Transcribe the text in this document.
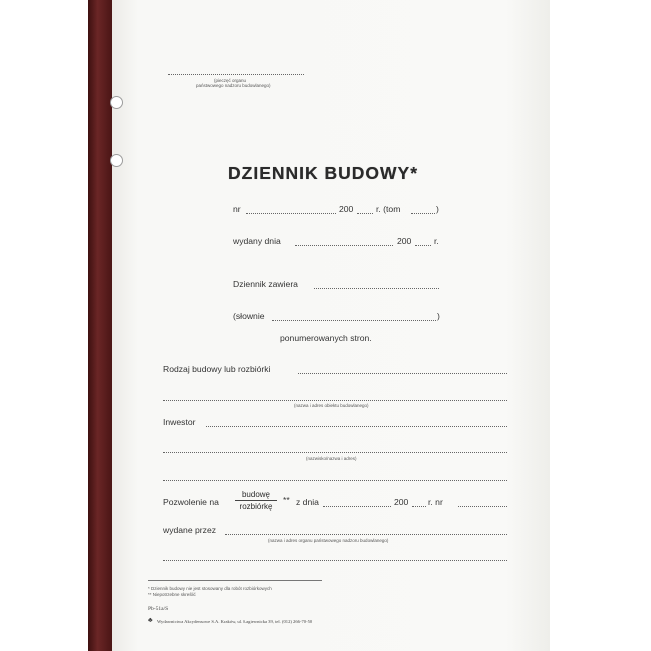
(pieczęć organu
państwowego nadzoru budowlanego)
DZIENNIK BUDOWY*
nr	200	r. (tom	)
wydany dnia	200	r.
Dziennik zawiera
(słownie	)
ponumerowanych stron.
Rodzaj budowy lub rozbiórki
(nazwa i adres obiektu budowlanego)
Inwestor
(nazwisko/nazwa i adres)
Pozwolenie na
budowę
rozbiórkę
** z dnia	200 r. nr
wydane przez
(nazwa i adres organu państwowego nadzoru budowlanego)
* Dziennik budowy nie jest stosowany dla robót rozbiórkowych
** Niepotrzebne skreślić
Pb-51a/S
♣ Wydawnictwa Akcydensowe S.A. Kraków, ul. Łagiewnicka 39, tel. (012) 266-70-50
